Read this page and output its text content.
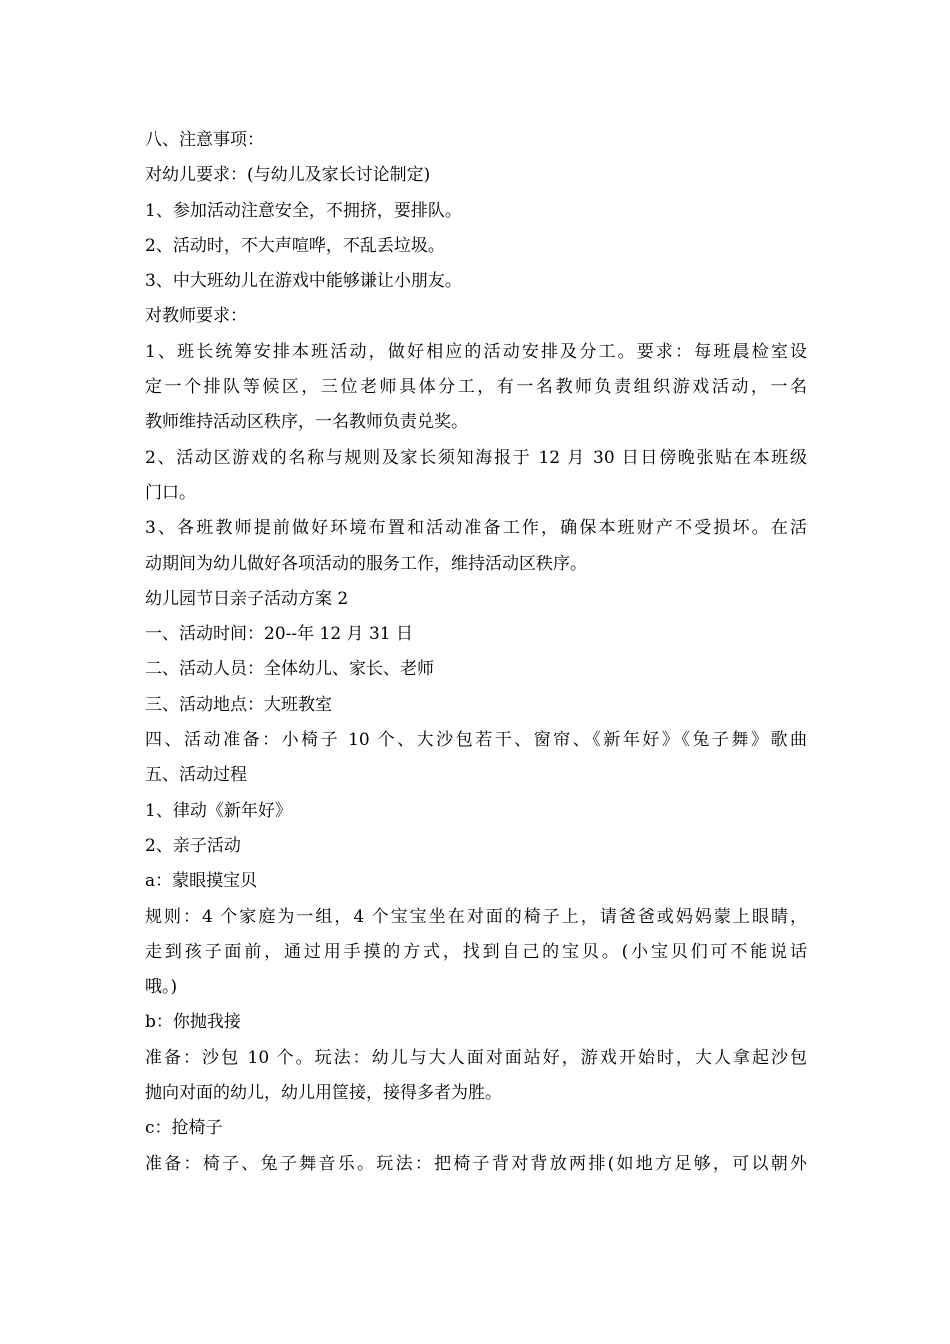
八、注意事项：
对幼儿要求：(与幼儿及家长讨论制定)
1、参加活动注意安全，不拥挤，要排队。
2、活动时，不大声喧哗，不乱丢垃圾。
3、中大班幼儿在游戏中能够谦让小朋友。
对教师要求：
1、班长统筹安排本班活动，做好相应的活动安排及分工。要求：每班晨检室设
定一个排队等候区，三位老师具体分工，有一名教师负责组织游戏活动，一名
教师维持活动区秩序，一名教师负责兑奖。
2、活动区游戏的名称与规则及家长须知海报于 12 月 30 日日傍晚张贴在本班级
门口。
3、各班教师提前做好环境布置和活动准备工作，确保本班财产不受损坏。在活
动期间为幼儿做好各项活动的服务工作，维持活动区秩序。
幼儿园节日亲子活动方案 2
一、活动时间：20--年 12 月 31 日
二、活动人员：全体幼儿、家长、老师
三、活动地点：大班教室
四、活动准备：小椅子 10 个、大沙包若干、窗帘、《新年好》《兔子舞》歌曲
五、活动过程
1、律动《新年好》
2、亲子活动
a：蒙眼摸宝贝
规则：4 个家庭为一组，4 个宝宝坐在对面的椅子上，请爸爸或妈妈蒙上眼睛，
走到孩子面前，通过用手摸的方式，找到自己的宝贝。(小宝贝们可不能说话
哦。)
b：你抛我接
准备：沙包 10 个。玩法：幼儿与大人面对面站好，游戏开始时，大人拿起沙包
抛向对面的幼儿，幼儿用筐接，接得多者为胜。
c：抢椅子
准备：椅子、兔子舞音乐。玩法：把椅子背对背放两排(如地方足够，可以朝外
